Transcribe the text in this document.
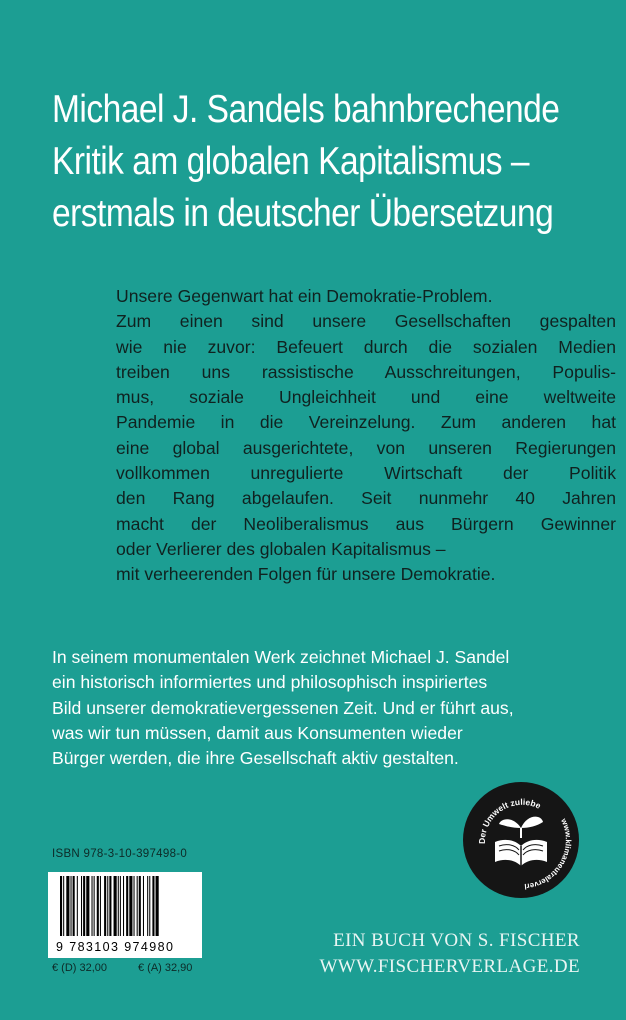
Michael J. Sandels bahnbrechende
Kritik am globalen Kapitalismus –
erstmals in deutscher Übersetzung
Unsere Gegenwart hat ein Demokratie-Problem.
Zum einen sind unsere Gesellschaften gespalten
wie nie zuvor: Befeuert durch die sozialen Medien
treiben uns rassistische Ausschreitungen, Populis-
mus, soziale Ungleichheit und eine weltweite
Pandemie in die Vereinzelung. Zum anderen hat
eine global ausgerichtete, von unseren Regierungen
vollkommen unregulierte Wirtschaft der Politik
den Rang abgelaufen. Seit nunmehr 40 Jahren
macht der Neoliberalismus aus Bürgern Gewinner
oder Verlierer des globalen Kapitalismus –
mit verheerenden Folgen für unsere Demokratie.
In seinem monumentalen Werk zeichnet Michael J. Sandel
ein historisch informiertes und philosophisch inspiriertes
Bild unserer demokratievergessenen Zeit. Und er führt aus,
was wir tun müssen, damit aus Konsumenten wieder
Bürger werden, die ihre Gesellschaft aktiv gestalten.
Der Umwelt zuliebe
www.klimaneutralerverl
ISBN 978-3-10-397498-0
9 783103 974980
€ (D) 32,00	€ (A) 32,90
EIN BUCH VON S. FISCHER
WWW.FISCHERVERLAGE.DE
